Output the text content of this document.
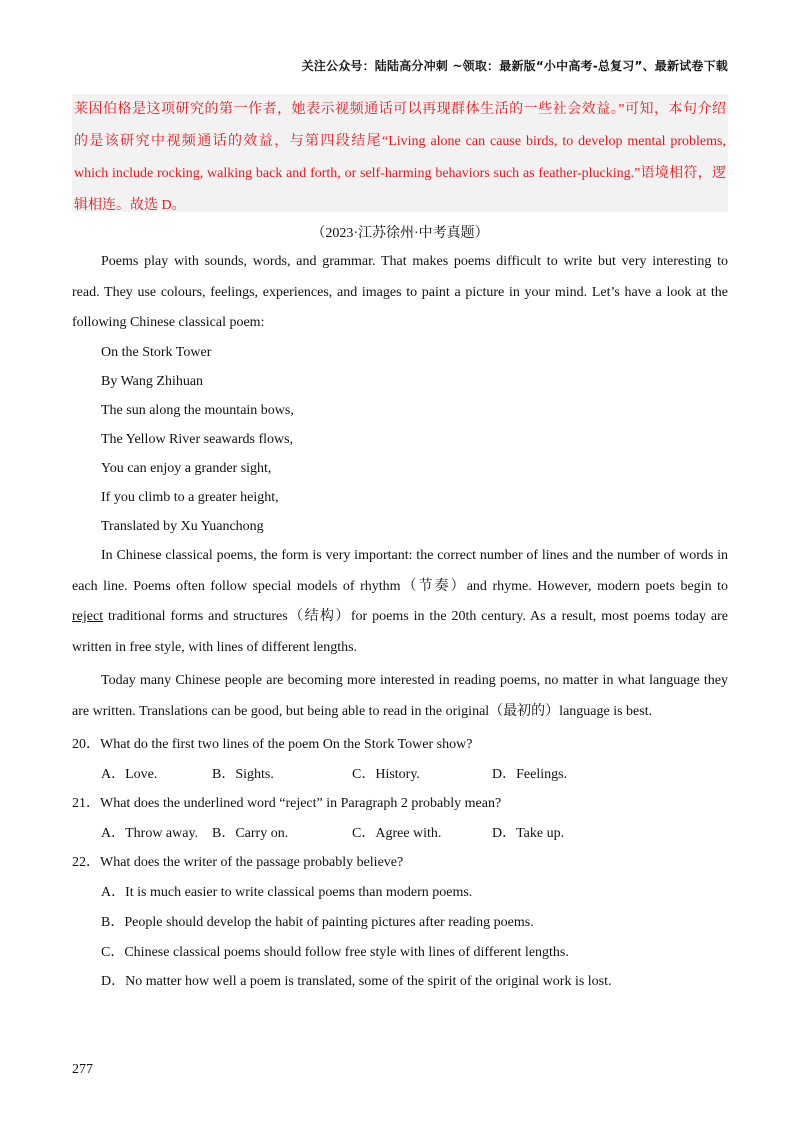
关注公众号：陆陆高分冲刺 ~领取：最新版“小中高考-总复习”、最新试卷下载
莱因伯格是这项研究的第一作者，她表示视频通话可以再现群体生活的一些社会效益。”可知，本句介绍
的是该研究中视频通话的效益，与第四段结尾“Living alone can cause birds, to develop mental problems,
which include rocking, walking back and forth, or self-harming behaviors such as feather-plucking.”语境相符，逻
辑相连。故选 D。
（2023·江苏徐州·中考真题）
Poems play with sounds, words, and grammar. That makes poems difficult to write but very interesting to
read. They use colours, feelings, experiences, and images to paint a picture in your mind. Let’s have a look at the
following Chinese classical poem:
On the Stork Tower
By Wang Zhihuan
The sun along the mountain bows,
The Yellow River seawards flows,
You can enjoy a grander sight,
If you climb to a greater height,
Translated by Xu Yuanchong
In Chinese classical poems, the form is very important: the correct number of lines and the number of words in
each line. Poems often follow special models of rhythm（节奏）and rhyme. However, modern poets begin to
reject traditional forms and structures（结构）for poems in the 20th century. As a result, most poems today are
written in free style, with lines of different lengths.
Today many Chinese people are becoming more interested in reading poems, no matter in what language they
are written. Translations can be good, but being able to read in the original（最初的）language is best.
20．What do the first two lines of the poem On the Stork Tower show?
A．Love.	B．Sights.	C．History.	D．Feelings.
21．What does the underlined word “reject” in Paragraph 2 probably mean?
A．Throw away. B．Carry on.	C．Agree with.	D．Take up.
22．What does the writer of the passage probably believe?
A．It is much easier to write classical poems than modern poems.
B．People should develop the habit of painting pictures after reading poems.
C．Chinese classical poems should follow free style with lines of different lengths.
D．No matter how well a poem is translated, some of the spirit of the original work is lost.
277
